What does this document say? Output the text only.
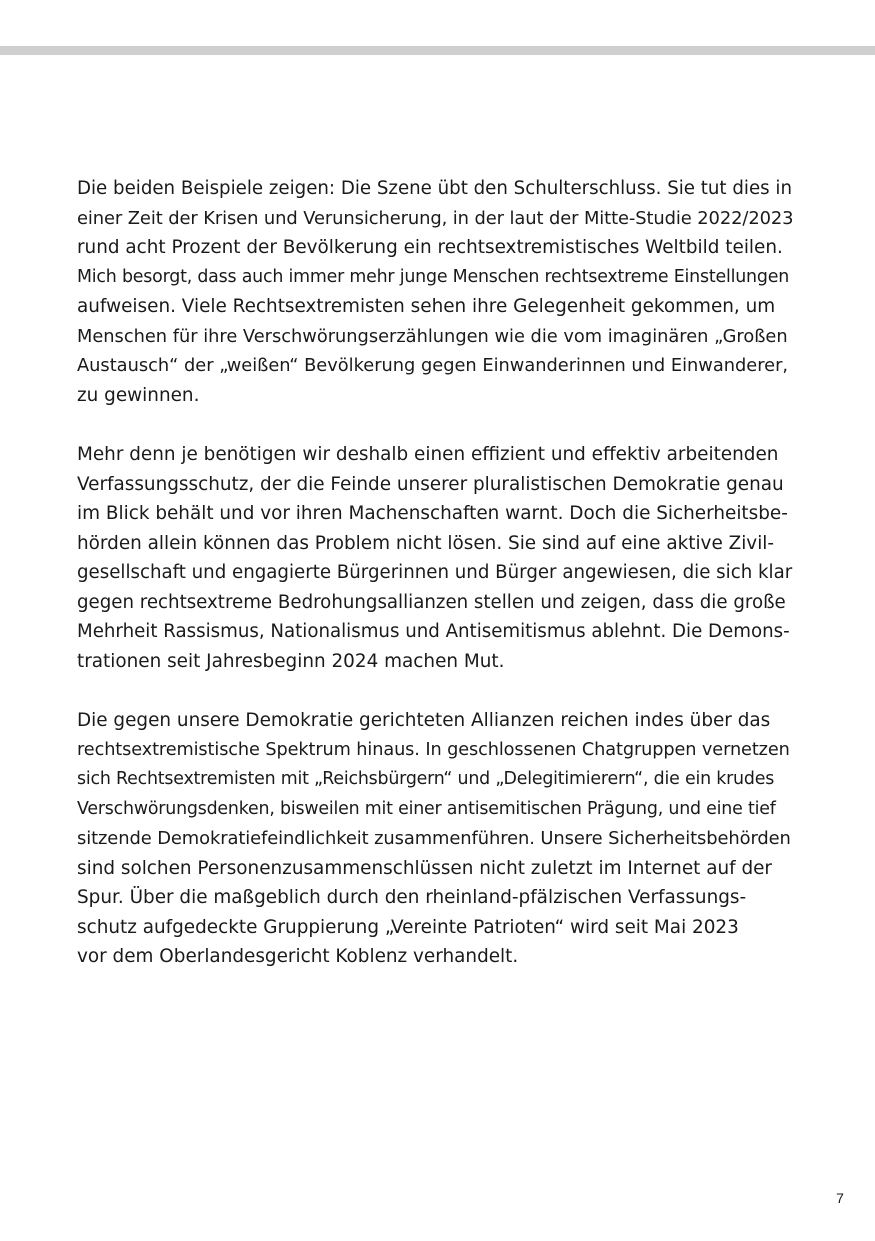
Die beiden Beispiele zeigen: Die Szene übt den Schulterschluss. Sie tut dies in
einer Zeit der Krisen und Verunsicherung, in der laut der Mitte-Studie 2022/2023
rund acht Prozent der Bevölkerung ein rechtsextremistisches Weltbild teilen.
Mich besorgt, dass auch immer mehr junge Menschen rechtsextreme Einstellungen
aufweisen. Viele Rechtsextremisten sehen ihre Gelegenheit gekommen, um
Menschen für ihre Verschwörungserzählungen wie die vom imaginären „Großen
Austausch“ der „weißen“ Bevölkerung gegen Einwanderinnen und Einwanderer,
zu gewinnen.
Mehr denn je benötigen wir deshalb einen effizient und effektiv arbeitenden
Verfassungsschutz, der die Feinde unserer pluralistischen Demokratie genau
im Blick behält und vor ihren Machenschaften warnt. Doch die Sicherheitsbe-
hörden allein können das Problem nicht lösen. Sie sind auf eine aktive Zivil-
gesellschaft und engagierte Bürgerinnen und Bürger angewiesen, die sich klar
gegen rechtsextreme Bedrohungsallianzen stellen und zeigen, dass die große
Mehrheit Rassismus, Nationalismus und Antisemitismus ablehnt. Die Demons-
trationen seit Jahresbeginn 2024 machen Mut.
Die gegen unsere Demokratie gerichteten Allianzen reichen indes über das
rechtsextremistische Spektrum hinaus. In geschlossenen Chatgruppen vernetzen
sich Rechtsextremisten mit „Reichsbürgern“ und „Delegitimierern“, die ein krudes
Verschwörungsdenken, bisweilen mit einer antisemitischen Prägung, und eine tief
sitzende Demokratiefeindlichkeit zusammenführen. Unsere Sicherheitsbehörden
sind solchen Personenzusammenschlüssen nicht zuletzt im Internet auf der
Spur. Über die maßgeblich durch den rheinland-pfälzischen Verfassungs-
schutz aufgedeckte Gruppierung „Vereinte Patrioten“ wird seit Mai 2023
vor dem Oberlandesgericht Koblenz verhandelt.
7
